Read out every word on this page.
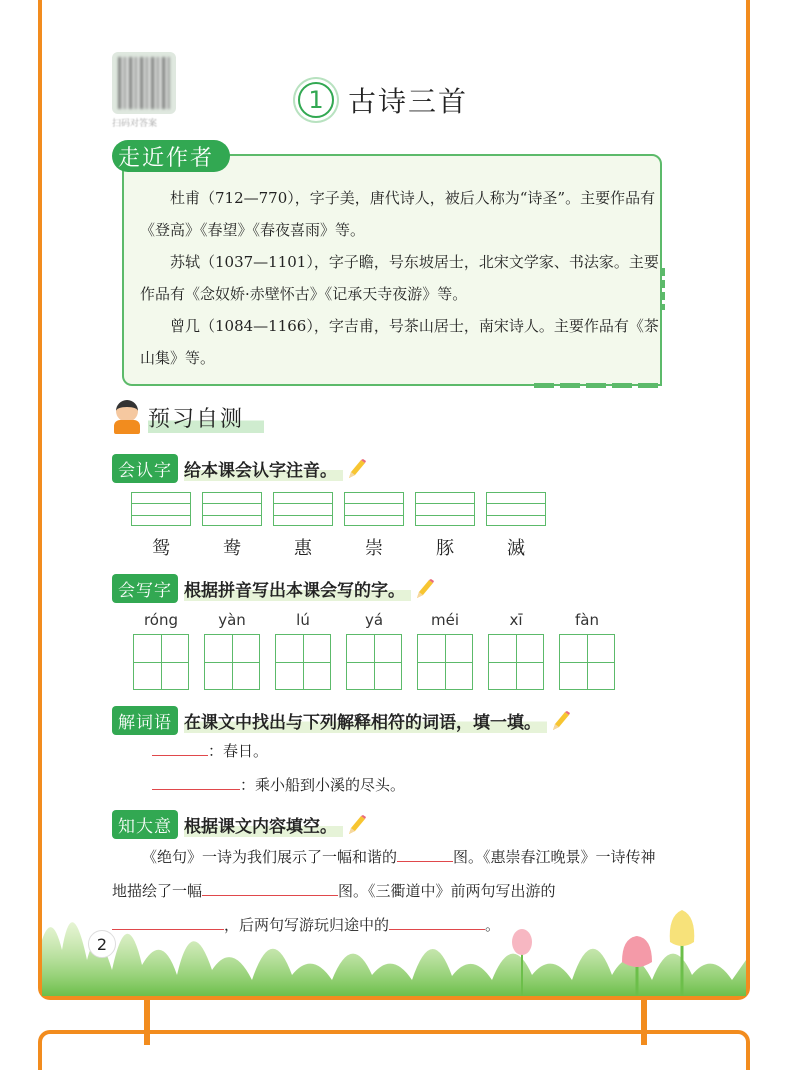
扫码对答案
1 古诗三首
走近作者

杜甫（712—770），字子美，唐代诗人，被后人称为“诗圣”。主要作品有《登高》《春望》《春夜喜雨》等。

苏轼（1037—1101），字子瞻，号东坡居士，北宋文学家、书法家。主要作品有《念奴娇·赤壁怀古》《记承天寺夜游》等。

曾几（1084—1166），字吉甫，号茶山居士，南宋诗人。主要作品有《茶山集》等。

预习自测
会认字 给本课会认字注音。
鸳	鸯	惠	崇	豚	滅
会写字 根据拼音写出本课会写的字。
róng	yàn	lú	yá	méi	xī	fàn
解词语 在课文中找出与下列解释相符的词语，填一填。
：春日。
：乘小船到小溪的尽头。
知大意 根据课文内容填空。
《绝句》一诗为我们展示了一幅和谐的	图。《惠崇春江晚景》一诗传神地描绘了一幅	图。《三衢道中》前两句写出游的，后两句写游玩归途中的	。
2
